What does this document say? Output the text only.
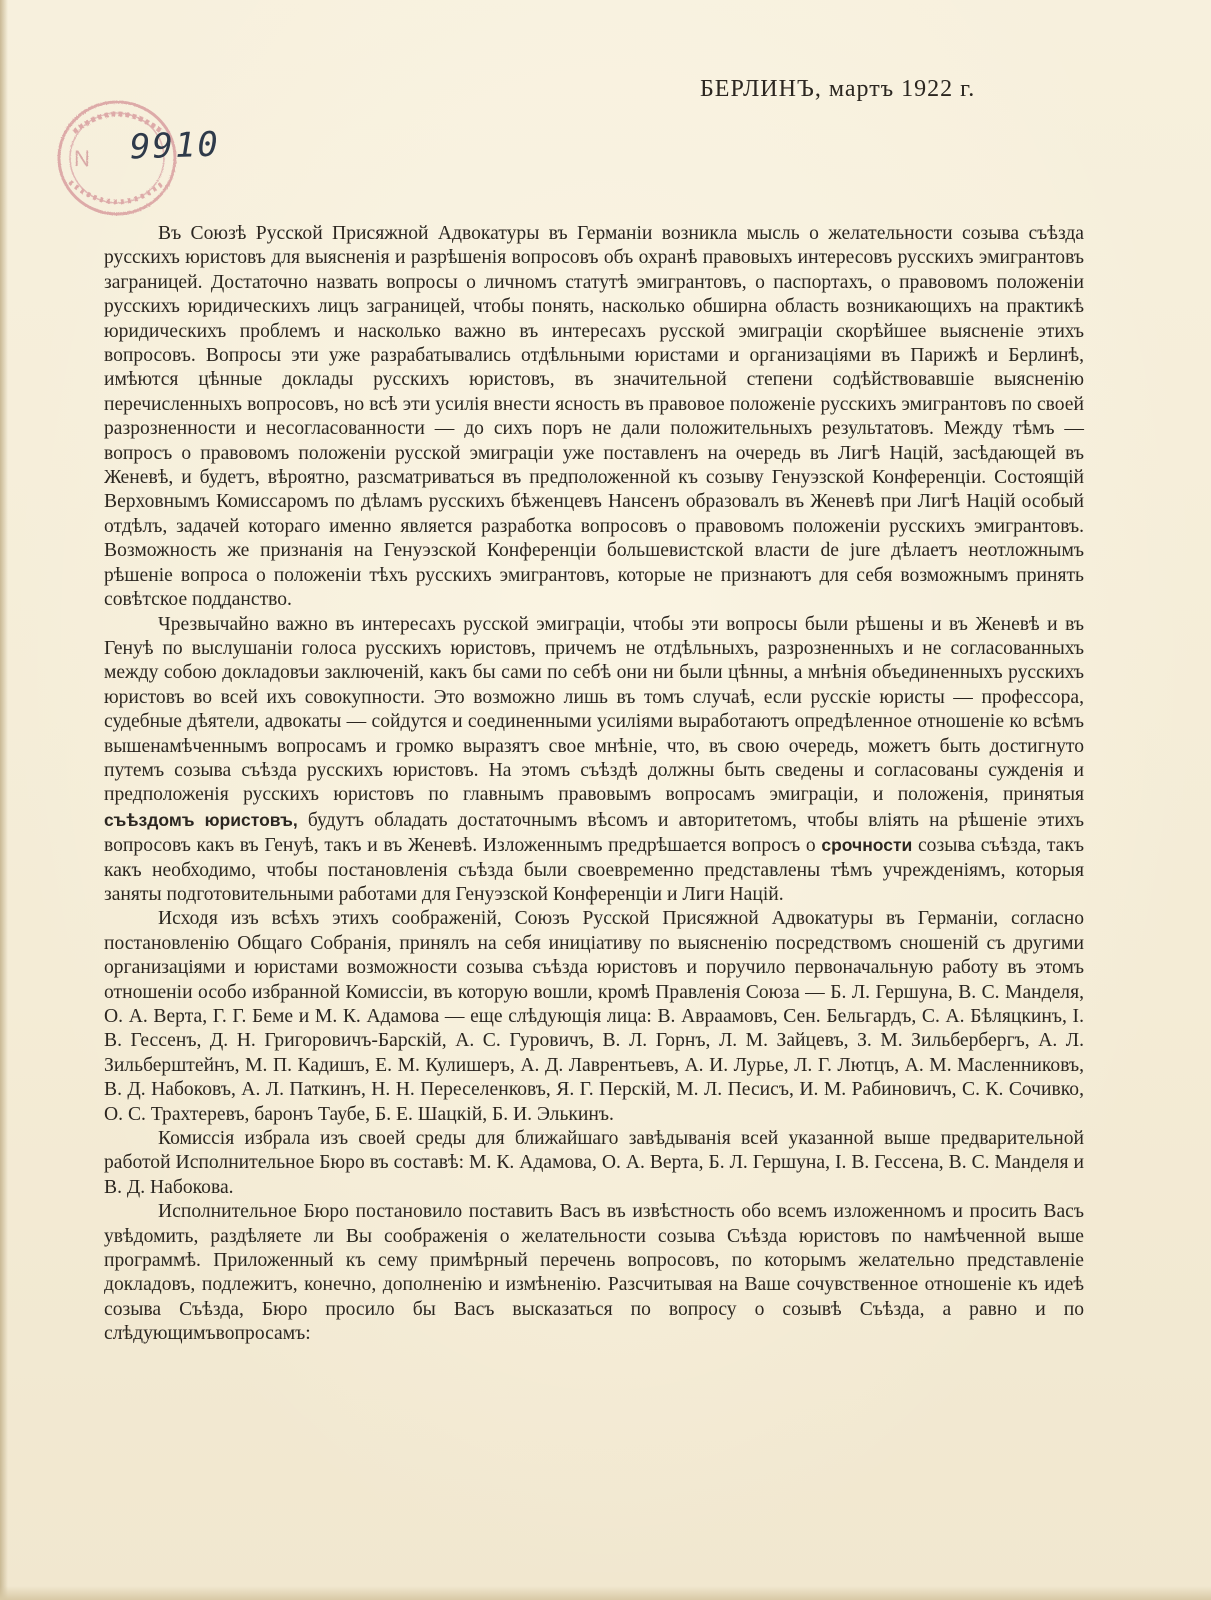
БЕРЛИНЪ, мартъ 1922 г.
N 9910

Въ Союзѣ Русской Присяжной Адвокатуры въ Германіи возникла мысль о желательности созыва съѣзда русскихъ юристовъ для выясненія и разрѣшенія вопросовъ объ охранѣ правовыхъ интересовъ русскихъ эмигрантовъ заграницей. Достаточно назвать вопросы о личномъ статутѣ эмигрантовъ, о паспортахъ, о правовомъ положеніи русскихъ юридическихъ лицъ заграницей, чтобы понять, насколько обширна область возникающихъ на практикѣ юридическихъ проблемъ и насколько важно въ интересахъ русской эмиграціи скорѣйшее выясненіе этихъ вопросовъ. Вопросы эти уже разрабатывались отдѣльными юристами и организаціями въ Парижѣ и Берлинѣ, имѣются цѣнные доклады русскихъ юристовъ, въ значительной степени содѣйствовавшіе выясненію перечисленныхъ вопросовъ, но всѣ эти усилія внести ясность въ правовое положеніе русскихъ эмигрантовъ по своей разрозненности и несогласованности — до сихъ поръ не дали положительныхъ результатовъ. Между тѣмъ — вопросъ о правовомъ положеніи русской эмиграціи уже поставленъ на очередь въ Лигѣ Націй, засѣдающей въ Женевѣ, и будетъ, вѣроятно, разсматриваться въ предположенной къ созыву Генуэзской Конференціи. Состоящій Верховнымъ Комиссаромъ по дѣламъ русскихъ бѣженцевъ Нансенъ образовалъ въ Женевѣ при Лигѣ Націй особый отдѣлъ, задачей котораго именно является разработка вопросовъ о правовомъ положеніи русскихъ эмигрантовъ. Возможность же признанія на Генуэзской Конференціи большевистской власти de jure дѣлаетъ неотложнымъ рѣшеніе вопроса о положеніи тѣхъ русскихъ эмигрантовъ, которые не признаютъ для себя возможнымъ принять совѣтское подданство.

Чрезвычайно важно въ интересахъ русской эмиграціи, чтобы эти вопросы были рѣшены и въ Женевѣ и въ Генуѣ по выслушаніи голоса русскихъ юристовъ, причемъ не отдѣльныхъ, разрозненныхъ и не согласованныхъ между собою докладовъи заключеній, какъ бы сами по себѣ они ни были цѣнны, а мнѣнія объединенныхъ русскихъ юристовъ во всей ихъ совокупности. Это возможно лишь въ томъ случаѣ, если русскіе юристы — профессора, судебные дѣятели, адвокаты — сойдутся и соединенными усиліями выработаютъ опредѣленное отношеніе ко всѣмъ вышенамѣченнымъ вопросамъ и громко выразятъ свое мнѣніе, что, въ свою очередь, можетъ быть достигнуто путемъ созыва съѣзда русскихъ юристовъ. На этомъ съѣздѣ должны быть сведены и согласованы сужденія и предположенія русскихъ юристовъ по главнымъ правовымъ вопросамъ эмиграціи, и положенія, принятыя съѣздомъ юристовъ, будутъ обладать достаточнымъ вѣсомъ и авторитетомъ, чтобы вліять на рѣшеніе этихъ вопросовъ какъ въ Генуѣ, такъ и въ Женевѣ. Изложеннымъ предрѣшается вопросъ о срочности созыва съѣзда, такъ какъ необходимо, чтобы постановленія съѣзда были своевременно представлены тѣмъ учрежденіямъ, которыя заняты подготовительными работами для Генуэзской Конференціи и Лиги Націй.

Исходя изъ всѣхъ этихъ соображеній, Союзъ Русской Присяжной Адвокатуры въ Германіи, согласно постановленію Общаго Собранія, принялъ на себя иниціативу по выясненію посредствомъ сношеній съ другими организаціями и юристами возможности созыва съѣзда юристовъ и поручило первоначальную работу въ этомъ отношеніи особо избранной Комиссіи, въ которую вошли, кромѣ Правленія Союза — Б. Л. Гершуна, В. С. Манделя, О. А. Верта, Г. Г. Беме и М. К. Адамова — еще слѣдующія лица: В. Авраамовъ, Сен. Бельгардъ, С. А. Бѣляцкинъ, І. В. Гессенъ, Д. Н. Григоровичъ-Барскій, А. С. Гуровичъ, В. Л. Горнъ, Л. М. Зайцевъ, З. М. Зильбербергъ, А. Л. Зильберштейнъ, М. П. Кадишъ, Е. М. Кулишеръ, А. Д. Лаврентьевъ, А. И. Лурье, Л. Г. Лютцъ, А. М. Масленниковъ, В. Д. Набоковъ, А. Л. Паткинъ, Н. Н. Переселенковъ, Я. Г. Перскій, М. Л. Песисъ, И. М. Рабиновичъ, С. К. Сочивко, О. С. Трахтеревъ, баронъ Таубе, Б. Е. Шацкій, Б. И. Элькинъ.

Комиссія избрала изъ своей среды для ближайшаго завѣдыванія всей указанной выше предварительной работой Исполнительное Бюро въ составѣ: М. К. Адамова, О. А. Верта, Б. Л. Гершуна, І. В. Гессена, В. С. Манделя и В. Д. Набокова.

Исполнительное Бюро постановило поставить Васъ въ извѣстность обо всемъ изложенномъ и просить Васъ увѣдомить, раздѣляете ли Вы соображенія о желательности созыва Съѣзда юристовъ по намѣченной выше программѣ. Приложенный къ сему примѣрный перечень вопросовъ, по которымъ желательно представленіе докладовъ, подлежитъ, конечно, дополненію и измѣненію. Разсчитывая на Ваше сочувственное отношеніе къ идеѣ созыва Съѣзда, Бюро просило бы Васъ высказаться по вопросу о созывѣ Съѣзда, а равно и по слѣдующимъвопросамъ:
